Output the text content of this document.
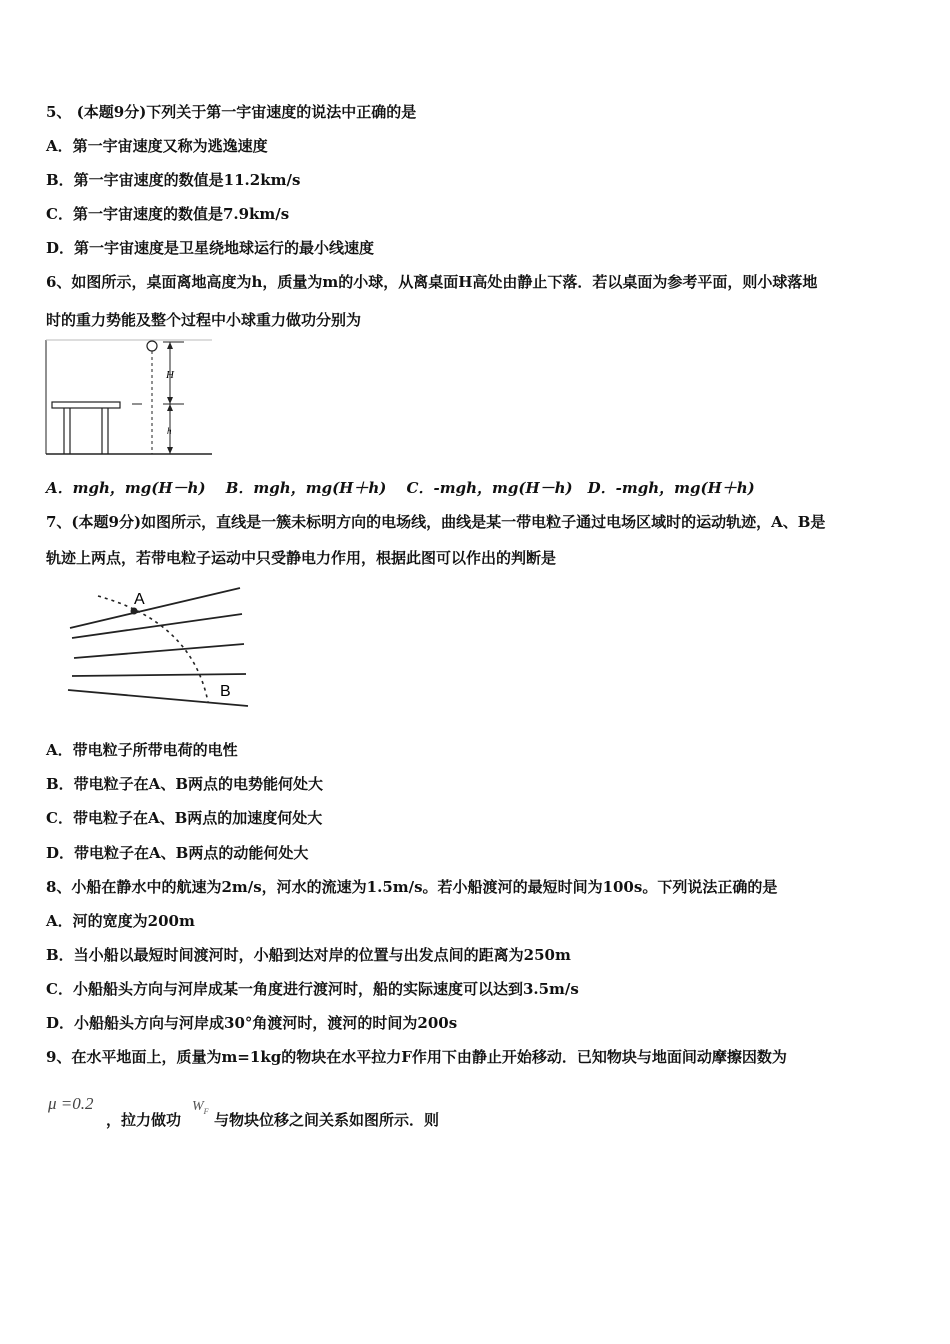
5、 (本题9分)下列关于第一宇宙速度的说法中正确的是
A．第一宇宙速度又称为逃逸速度
B．第一宇宙速度的数值是11.2km/s
C．第一宇宙速度的数值是7.9km/s
D．第一宇宙速度是卫星绕地球运行的最小线速度
6、如图所示，桌面离地高度为h，质量为m的小球，从离桌面H高处由静止下落．若以桌面为参考平面，则小球落地
时的重力势能及整个过程中小球重力做功分别为
H
h
A．mgh，mg(H－h)　 B．mgh，mg(H＋h)　 C．-mgh，mg(H－h)　D．-mgh，mg(H＋h)
7、(本题9分)如图所示，直线是一簇未标明方向的电场线，曲线是某一带电粒子通过电场区域时的运动轨迹，A、B是
轨迹上两点，若带电粒子运动中只受静电力作用，根据此图可以作出的判断是
A
B
A．带电粒子所带电荷的电性
B．带电粒子在A、B两点的电势能何处大
C．带电粒子在A、B两点的加速度何处大
D．带电粒子在A、B两点的动能何处大
8、小船在静水中的航速为2m/s，河水的流速为1.5m/s。若小船渡河的最短时间为100s。下列说法正确的是
A．河的宽度为200m
B．当小船以最短时间渡河时，小船到达对岸的位置与出发点间的距离为250m
C．小船船头方向与河岸成某一角度进行渡河时，船的实际速度可以达到3.5m/s
D．小船船头方向与河岸成30°角渡河时，渡河的时间为200s
9、在水平地面上，质量为m=1kg的物块在水平拉力F作用下由静止开始移动．已知物块与地面间动摩擦因数为
μ =0.2
，拉力做功
$W_F$ 与物块位移之间关系如图所示．则
